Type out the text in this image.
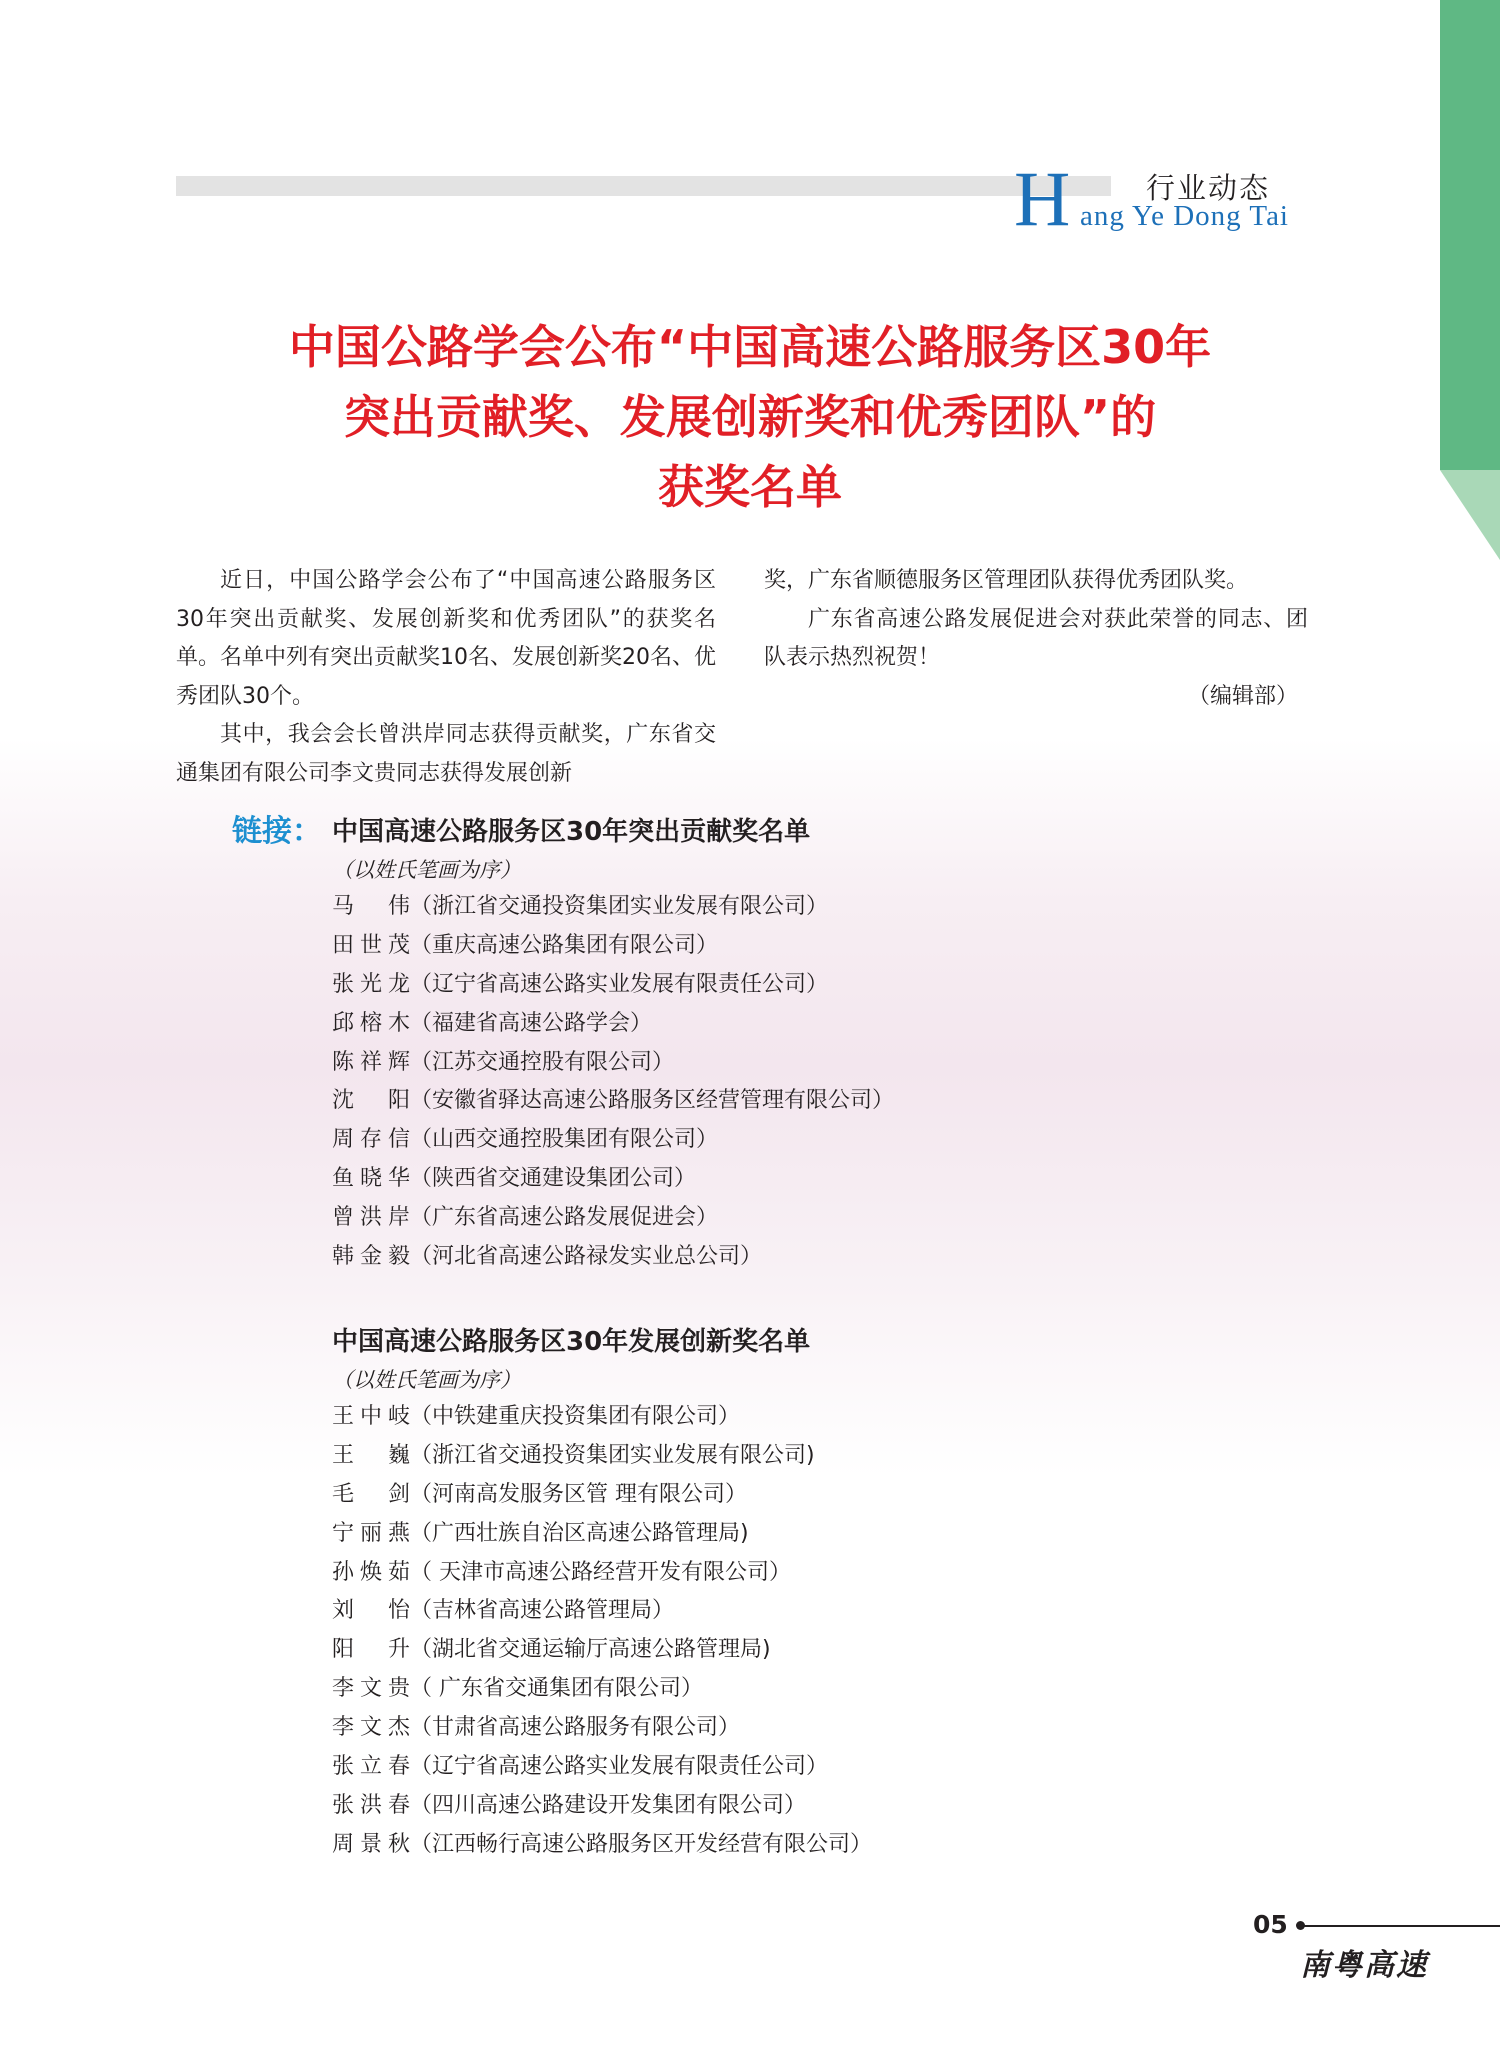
H	行业动态
ang Ye Dong Tai
中国公路学会公布“中国高速公路服务区30年
突出贡献奖、发展创新奖和优秀团队”的
获奖名单

近日，中国公路学会公布了“中国高速公路服务区30年突出贡献奖、发展创新奖和优秀团队”的获奖名单。名单中列有突出贡献奖10名、发展创新奖20名、优秀团队30个。

其中，我会会长曾洪岸同志获得贡献奖，广东省交通集团有限公司李文贵同志获得发展创新

奖，广东省顺德服务区管理团队获得优秀团队奖。

广东省高速公路发展促进会对获此荣誉的同志、团队表示热烈祝贺！

（编辑部）

链接： 中国高速公路服务区30年突出贡献奖名单
（以姓氏笔画为序）
马伟（浙江省交通投资集团实业发展有限公司）
田世茂（重庆高速公路集团有限公司）
张光龙（辽宁省高速公路实业发展有限责任公司）
邱榕木（福建省高速公路学会）
陈祥辉（江苏交通控股有限公司）
沈阳（安徽省驿达高速公路服务区经营管理有限公司）
周存信（山西交通控股集团有限公司）
鱼晓华（陕西省交通建设集团公司）
曾洪岸（广东省高速公路发展促进会）
韩金毅（河北省高速公路禄发实业总公司）
中国高速公路服务区30年发展创新奖名单
（以姓氏笔画为序）
王中岐（中铁建重庆投资集团有限公司）
王巍（浙江省交通投资集团实业发展有限公司)
毛剑（河南高发服务区管 理有限公司）
宁丽燕（广西壮族自治区高速公路管理局)
孙焕茹（ 天津市高速公路经营开发有限公司）
刘怡（吉林省高速公路管理局）
阳升（湖北省交通运输厅高速公路管理局)
李文贵（ 广东省交通集团有限公司）
李文杰（甘肃省高速公路服务有限公司）
张立春（辽宁省高速公路实业发展有限责任公司）
张洪春（四川高速公路建设开发集团有限公司）
周景秋（江西畅行高速公路服务区开发经营有限公司）
05
南粤高速
